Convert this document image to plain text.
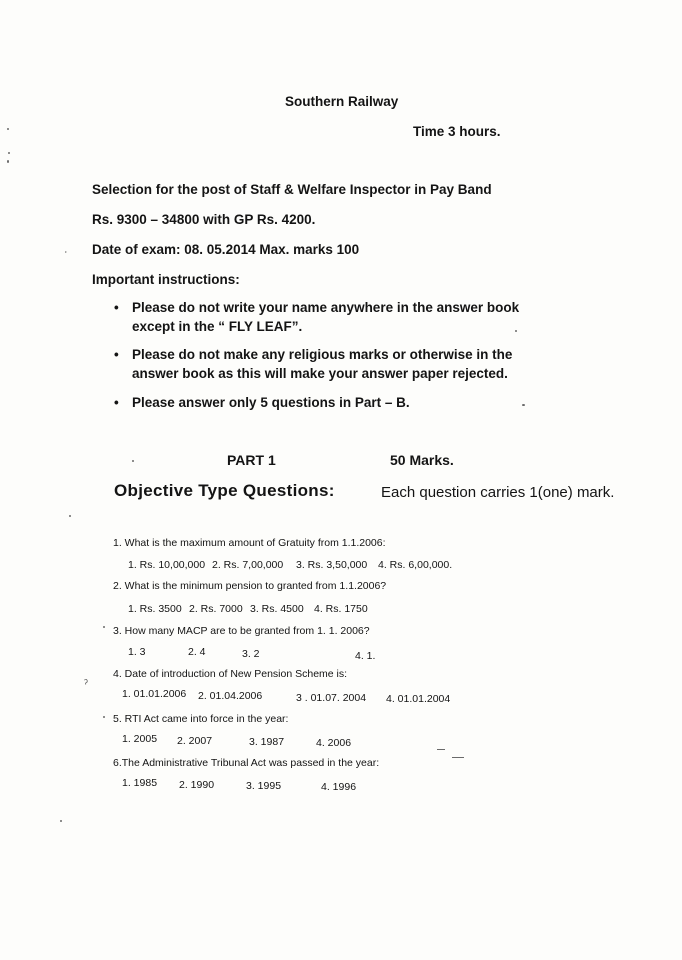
Southern Railway
Time 3 hours.
Selection for the post of Staff & Welfare Inspector in Pay Band
Rs. 9300 – 34800 with GP Rs. 4200.
Date of exam: 08. 05.2014 Max. marks 100
Important instructions:
• Please do not write your name anywhere in the answer book
except in the “ FLY LEAF”.
• Please do not make any religious marks or otherwise in the
answer book as this will make your answer paper rejected.
• Please answer only 5 questions in Part – B.
PART 1	50 Marks.
Objective Type Questions:	Each question carries 1(one) mark.
1. What is the maximum amount of Gratuity from 1.1.2006:
1. Rs. 10,00,000 2. Rs. 7,00,000 3. Rs. 3,50,000 4. Rs. 6,00,000.
2. What is the minimum pension to granted from 1.1.2006?
1. Rs. 3500 2. Rs. 7000 3. Rs. 4500 4. Rs. 1750
3. How many MACP are to be granted from 1. 1. 2006?
1. 3	2. 4	3. 2	4. 1.
4. Date of introduction of New Pension Scheme is:
1. 01.01.2006 2. 01.04.2006	3 . 01.07. 2004 4. 01.01.2004
5. RTI Act came into force in the year:
1. 2005 2. 2007	3. 1987	4. 2006
6.The Administrative Tribunal Act was passed in the year:
1. 1985 2. 1990	3. 1995	4. 1996
ʾ
ˀ
